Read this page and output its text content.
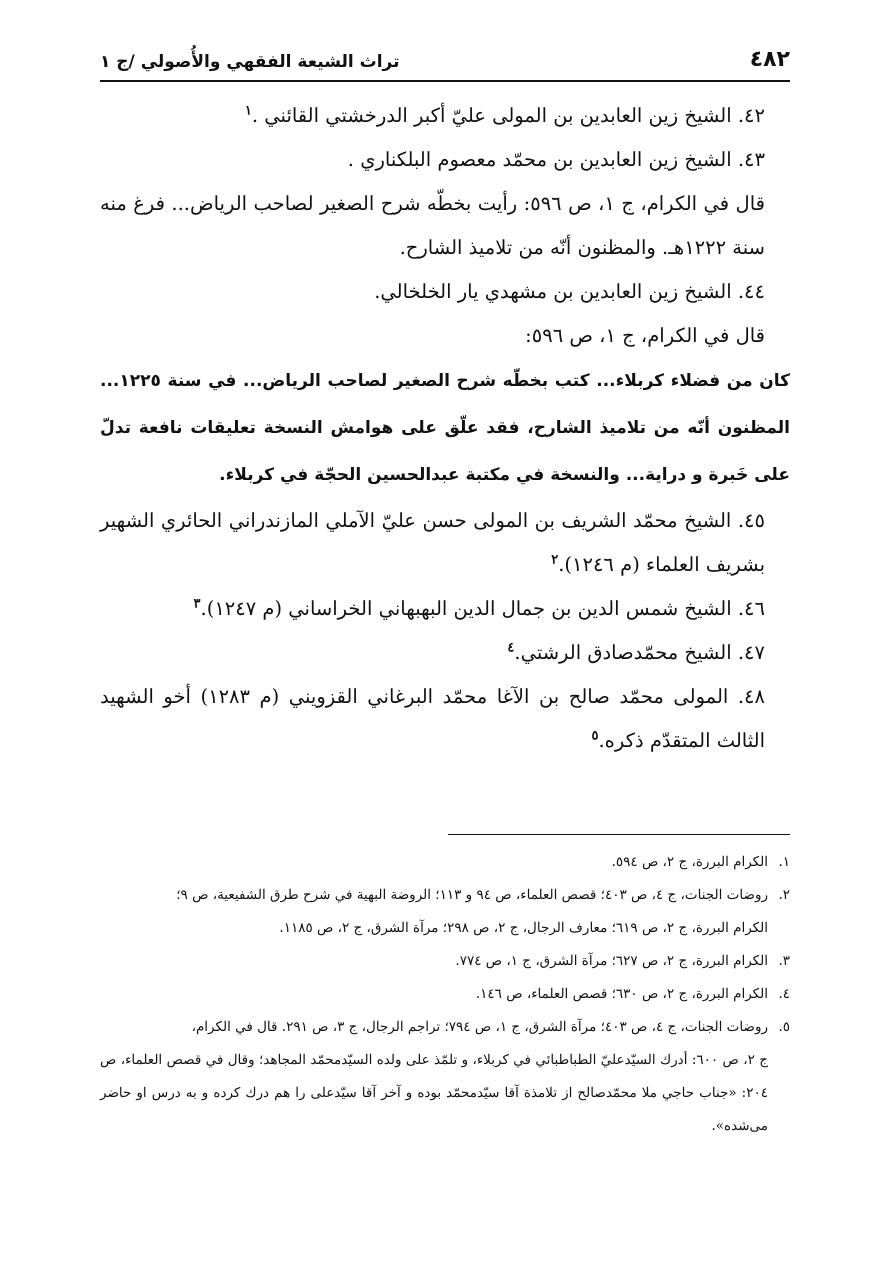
٤٨٢
تراث الشيعة الفقهي والأُصولي /ج ١

٤٢. الشيخ زين العابدين بن المولى عليّ أكبر الدرخشتي القائني .$^١$

٤٣. الشيخ زين العابدين بن محمّد معصوم البلكناري .

قال في الكرام، ج ١، ص ٥٩٦: رأيت بخطّه شرح الصغير لصاحب الرياض... فرغ منه سنة ١٢٢٢هـ. والمظنون أنّه من تلاميذ الشارح.

٤٤. الشيخ زين العابدين بن مشهدي يار الخلخالي.

قال في الكرام، ج ١، ص ٥٩٦:

كان من فضلاء كربلاء... كتب بخطّه شرح الصغير لصاحب الرياض... في سنة ١٢٢٥... المظنون أنّه من تلاميذ الشارح، فقد علّق على هوامش النسخة تعليقات نافعة تدلّ على خَبرة و دراية... والنسخة في مكتبة عبدالحسين الحجّة في كربلاء.

٤٥. الشيخ محمّد الشريف بن المولى حسن عليّ الآملي المازندراني الحائري الشهير بشريف العلماء (م ١٢٤٦).$^٢$

٤٦. الشيخ شمس الدين بن جمال الدين البهبهاني الخراساني (م ١٢٤٧).$^٣$

٤٧. الشيخ محمّدصادق الرشتي.$^٤$

٤٨. المولى محمّد صالح بن الآغا محمّد البرغاني القزويني (م ١٢٨٣) أخو الشهيد الثالث المتقدّم ذكره.$^٥$

١.الكرام البررة، ج ٢، ص ٥٩٤.

٢.روضات الجنات، ج ٤، ص ٤٠٣؛ قصص العلماء، ص ٩٤ و ١١٣؛ الروضة البهية في شرح طرق الشفيعية، ص ٩؛
الكرام البررة، ج ٢، ص ٦١٩؛ معارف الرجال، ج ٢، ص ٢٩٨؛ مرآة الشرق، ج ٢، ص ١١٨٥.

٣.الكرام البررة، ج ٢، ص ٦٢٧؛ مرآة الشرق، ج ١، ص ٧٧٤.

٤.الكرام البررة، ج ٢، ص ٦٣٠؛ قصص العلماء، ص ١٤٦.

٥.روضات الجنات، ج ٤، ص ٤٠٣؛ مرآة الشرق، ج ١، ص ٧٩٤؛ تراجم الرجال، ج ٣، ص ٢٩١. قال في الكرام،
ج ٢، ص ٦٠٠: أدرك السيّدعليّ الطباطبائي في كربلاء، و تلمّذ على ولده السيّدمحمّد المجاهد؛ وقال في قصص العلماء، ص ٢٠٤: «جناب حاجي ملا محمّدصالح از تلامذة آقا سيّدمحمّد بوده و آخر آقا سيّدعلى را هم درك كرده و به درس او حاضر مى‌شده».
